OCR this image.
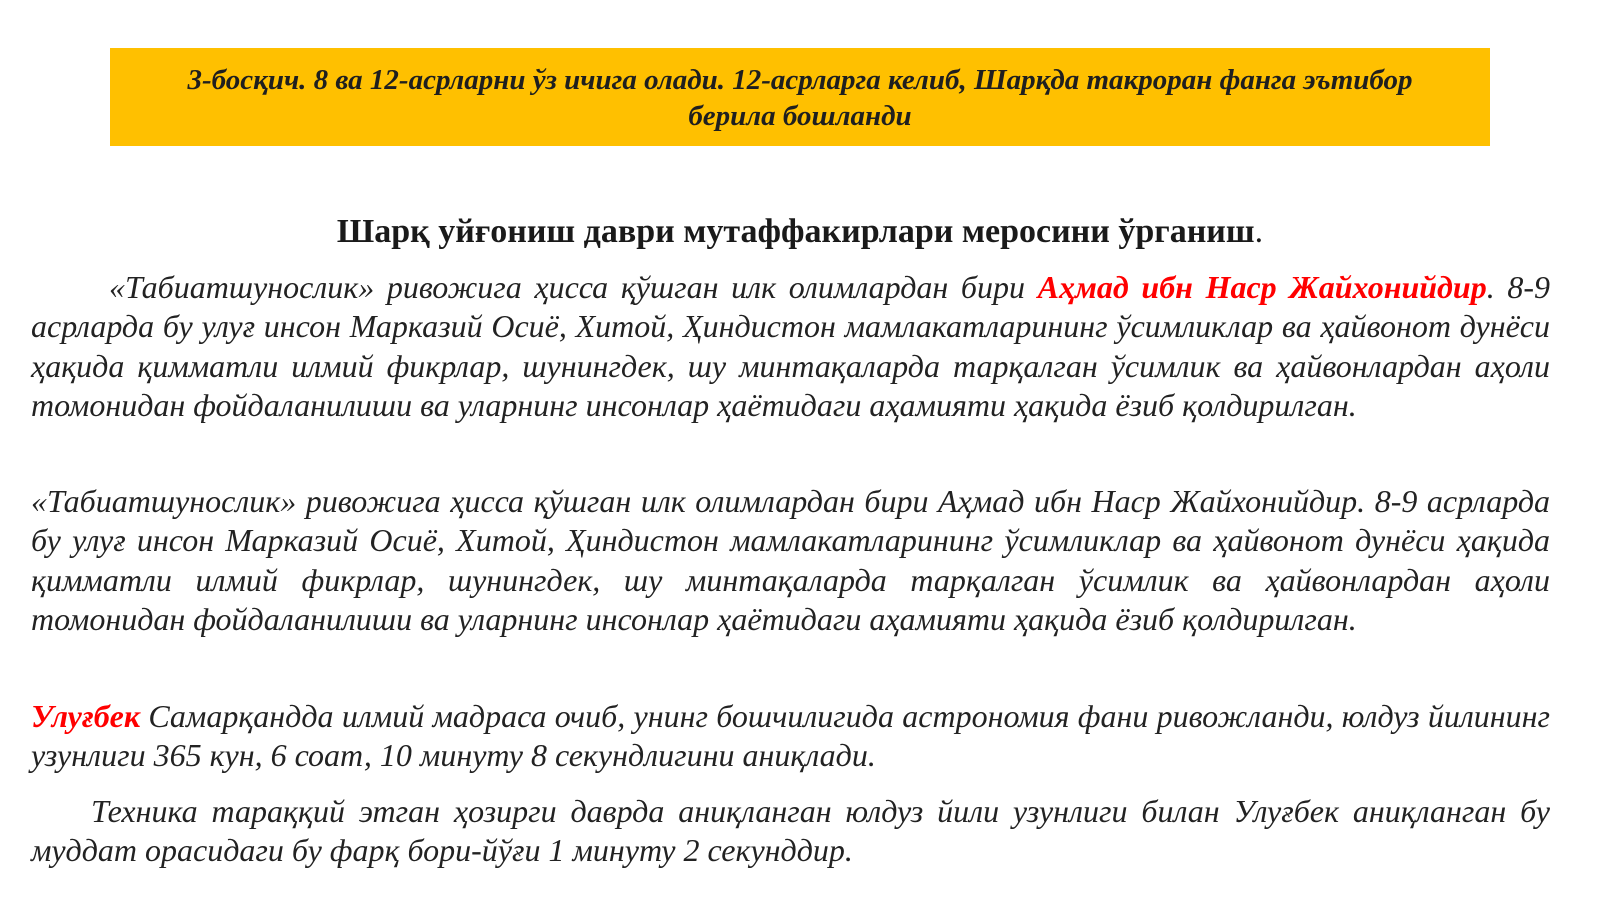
3-босқич. 8 ва 12-асрларни ўз ичига олади. 12-асрларга келиб, Шарқда такроран фанга эътибор берила бошланди
Шарқ уйғониш даври мутаффакирлари меросини ўрганиш.

«Табиатшунослик» ривожига ҳисса қўшган илк олимлардан бири Аҳмад ибн Наср Жайхонийдир. 8-9 асрларда бу улуғ инсон Марказий Осиё, Хитой, Ҳиндистон мамлакатларининг ўсимликлар ва ҳайвонот дунёси ҳақида қимматли илмий фикрлар, шунингдек, шу минтақаларда тарқалган ўсимлик ва ҳайвонлардан аҳоли томонидан фойдаланилиши ва уларнинг инсонлар ҳаётидаги аҳамияти ҳақида ёзиб қолдирилган.

«Табиатшунослик» ривожига ҳисса қўшган илк олимлардан бири Аҳмад ибн Наср Жайхонийдир. 8-9 асрларда бу улуғ инсон Марказий Осиё, Хитой, Ҳиндистон мамлакатларининг ўсимликлар ва ҳайвонот дунёси ҳақида қимматли илмий фикрлар, шунингдек, шу минтақаларда тарқалган ўсимлик ва ҳайвонлардан аҳоли томонидан фойдаланилиши ва уларнинг инсонлар ҳаётидаги аҳамияти ҳақида ёзиб қолдирилган.

Улуғбек Самарқандда илмий мадраса очиб, унинг бошчилигида астрономия фани ривожланди, юлдуз йилининг узунлиги 365 кун, 6 соат, 10 минуту 8 секундлигини аниқлади.

Техника тараққий этган ҳозирги даврда аниқланган юлдуз йили узунлиги билан Улуғбек аниқланган бу муддат орасидаги бу фарқ бори-йўғи 1 минуту 2 секунддир.
